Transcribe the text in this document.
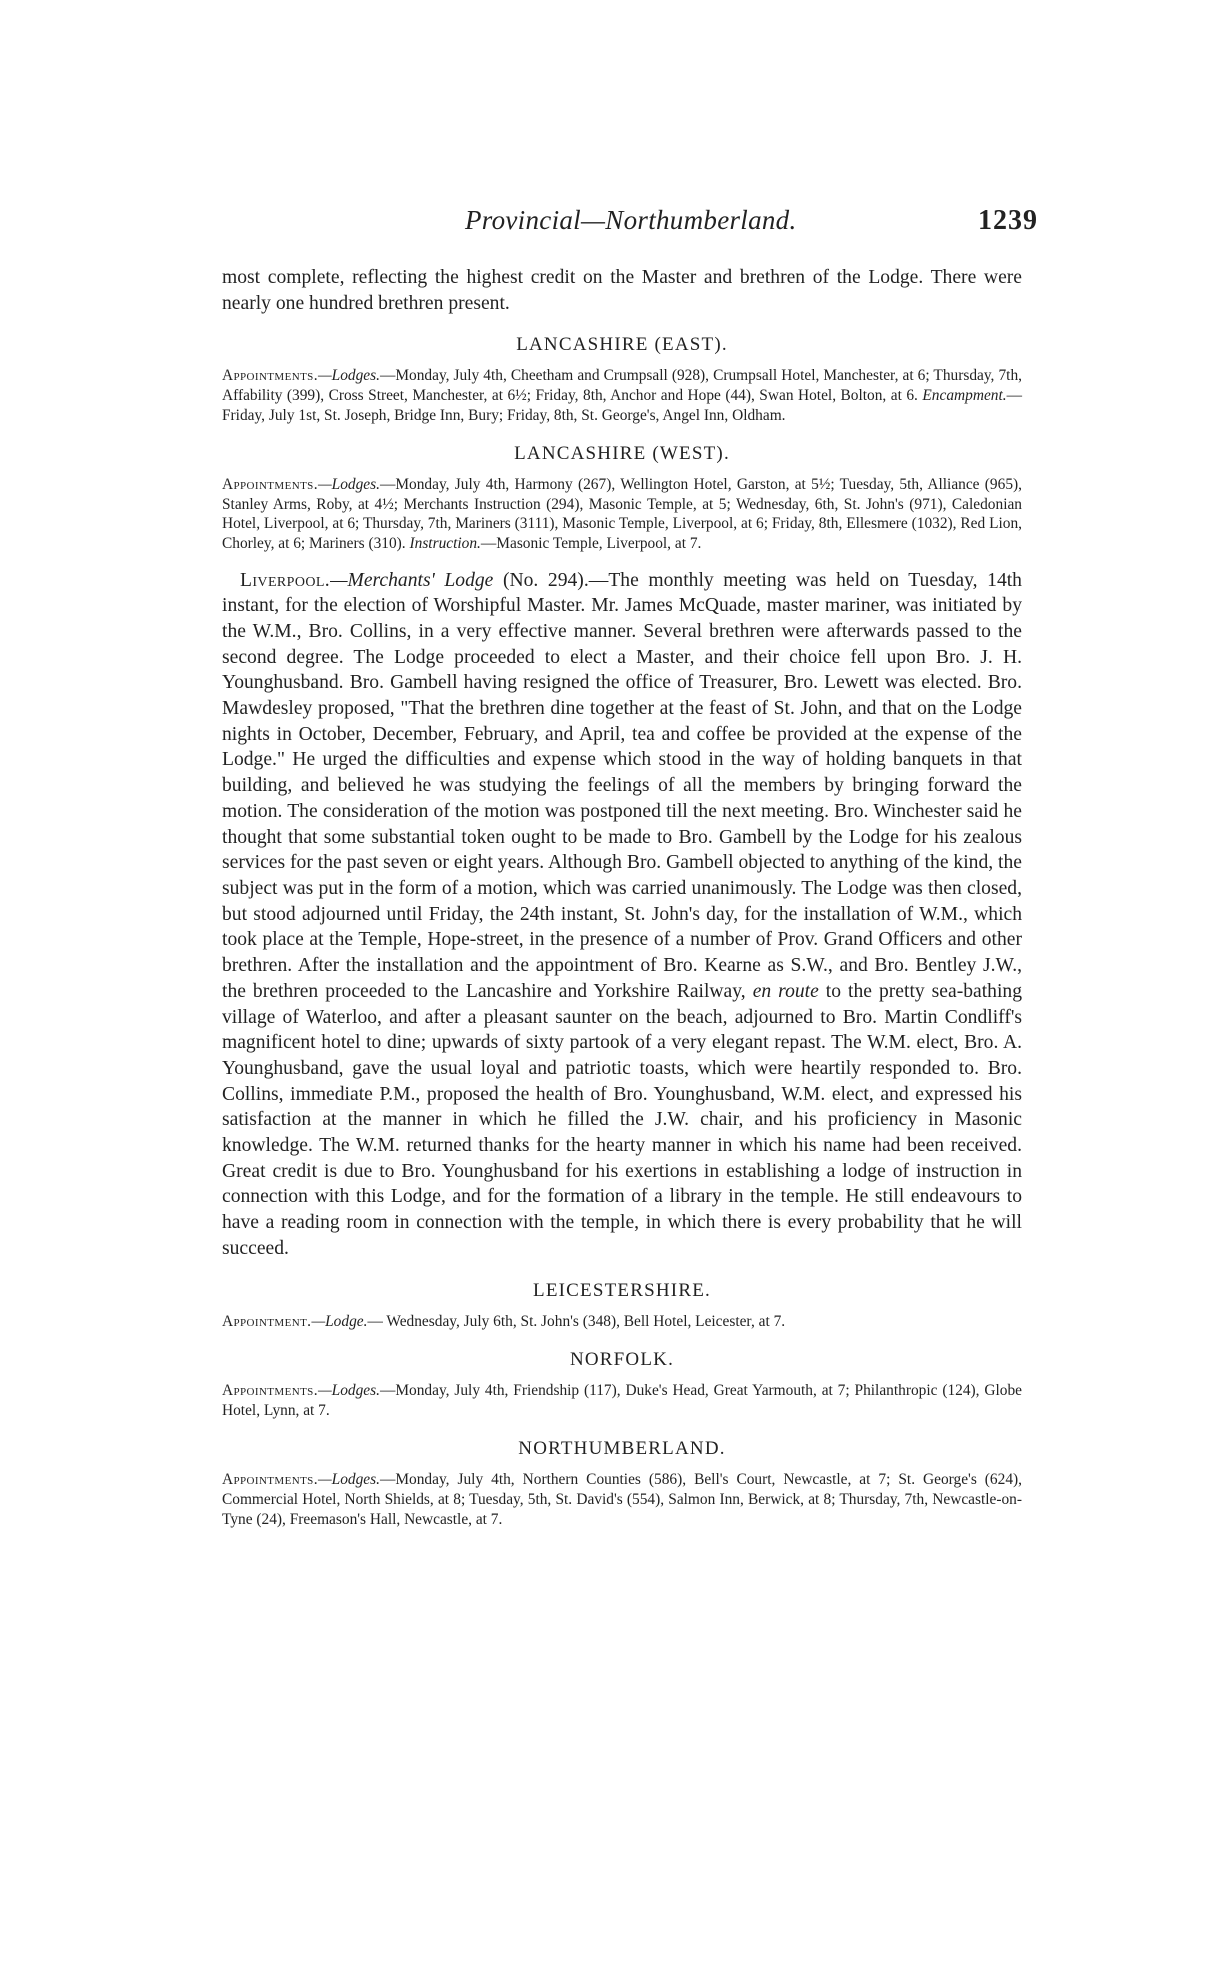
Provincial—Northumberland.	1239

most complete, reflecting the highest credit on the Master and brethren of the Lodge. There were nearly one hundred brethren present.

LANCASHIRE (EAST).

Appointments.—Lodges.—Monday, July 4th, Cheetham and Crumpsall (928), Crumpsall Hotel, Manchester, at 6; Thursday, 7th, Affability (399), Cross Street, Manchester, at 6½; Friday, 8th, Anchor and Hope (44), Swan Hotel, Bolton, at 6. Encampment.—Friday, July 1st, St. Joseph, Bridge Inn, Bury; Friday, 8th, St. George's, Angel Inn, Oldham.

LANCASHIRE (WEST).

Appointments.—Lodges.—Monday, July 4th, Harmony (267), Wellington Hotel, Garston, at 5½; Tuesday, 5th, Alliance (965), Stanley Arms, Roby, at 4½; Merchants Instruction (294), Masonic Temple, at 5; Wednesday, 6th, St. John's (971), Caledonian Hotel, Liverpool, at 6; Thursday, 7th, Mariners (3111), Masonic Temple, Liverpool, at 6; Friday, 8th, Ellesmere (1032), Red Lion, Chorley, at 6; Mariners (310). Instruction.—Masonic Temple, Liverpool, at 7.

Liverpool.—Merchants' Lodge (No. 294).—The monthly meeting was held on Tuesday, 14th instant, for the election of Worshipful Master. Mr. James McQuade, master mariner, was initiated by the W.M., Bro. Collins, in a very effective manner. Several brethren were afterwards passed to the second degree. The Lodge proceeded to elect a Master, and their choice fell upon Bro. J. H. Younghusband. Bro. Gambell having resigned the office of Treasurer, Bro. Lewett was elected. Bro. Mawdesley proposed, "That the brethren dine together at the feast of St. John, and that on the Lodge nights in October, December, February, and April, tea and coffee be provided at the expense of the Lodge." He urged the difficulties and expense which stood in the way of holding banquets in that building, and believed he was studying the feelings of all the members by bringing forward the motion. The consideration of the motion was postponed till the next meeting. Bro. Winchester said he thought that some substantial token ought to be made to Bro. Gambell by the Lodge for his zealous services for the past seven or eight years. Although Bro. Gambell objected to anything of the kind, the subject was put in the form of a motion, which was carried unanimously. The Lodge was then closed, but stood adjourned until Friday, the 24th instant, St. John's day, for the installation of W.M., which took place at the Temple, Hope-street, in the presence of a number of Prov. Grand Officers and other brethren. After the installation and the appointment of Bro. Kearne as S.W., and Bro. Bentley J.W., the brethren proceeded to the Lancashire and Yorkshire Railway, en route to the pretty sea-bathing village of Waterloo, and after a pleasant saunter on the beach, adjourned to Bro. Martin Condliff's magnificent hotel to dine; upwards of sixty partook of a very elegant repast. The W.M. elect, Bro. A. Younghusband, gave the usual loyal and patriotic toasts, which were heartily responded to. Bro. Collins, immediate P.M., proposed the health of Bro. Younghusband, W.M. elect, and expressed his satisfaction at the manner in which he filled the J.W. chair, and his proficiency in Masonic knowledge. The W.M. returned thanks for the hearty manner in which his name had been received. Great credit is due to Bro. Younghusband for his exertions in establishing a lodge of instruction in connection with this Lodge, and for the formation of a library in the temple. He still endeavours to have a reading room in connection with the temple, in which there is every probability that he will succeed.

LEICESTERSHIRE.

Appointment.—Lodge.— Wednesday, July 6th, St. John's (348), Bell Hotel, Leicester, at 7.

NORFOLK.

Appointments.—Lodges.—Monday, July 4th, Friendship (117), Duke's Head, Great Yarmouth, at 7; Philanthropic (124), Globe Hotel, Lynn, at 7.

NORTHUMBERLAND.

Appointments.—Lodges.—Monday, July 4th, Northern Counties (586), Bell's Court, Newcastle, at 7; St. George's (624), Commercial Hotel, North Shields, at 8; Tuesday, 5th, St. David's (554), Salmon Inn, Berwick, at 8; Thursday, 7th, Newcastle-on-Tyne (24), Freemason's Hall, Newcastle, at 7.
